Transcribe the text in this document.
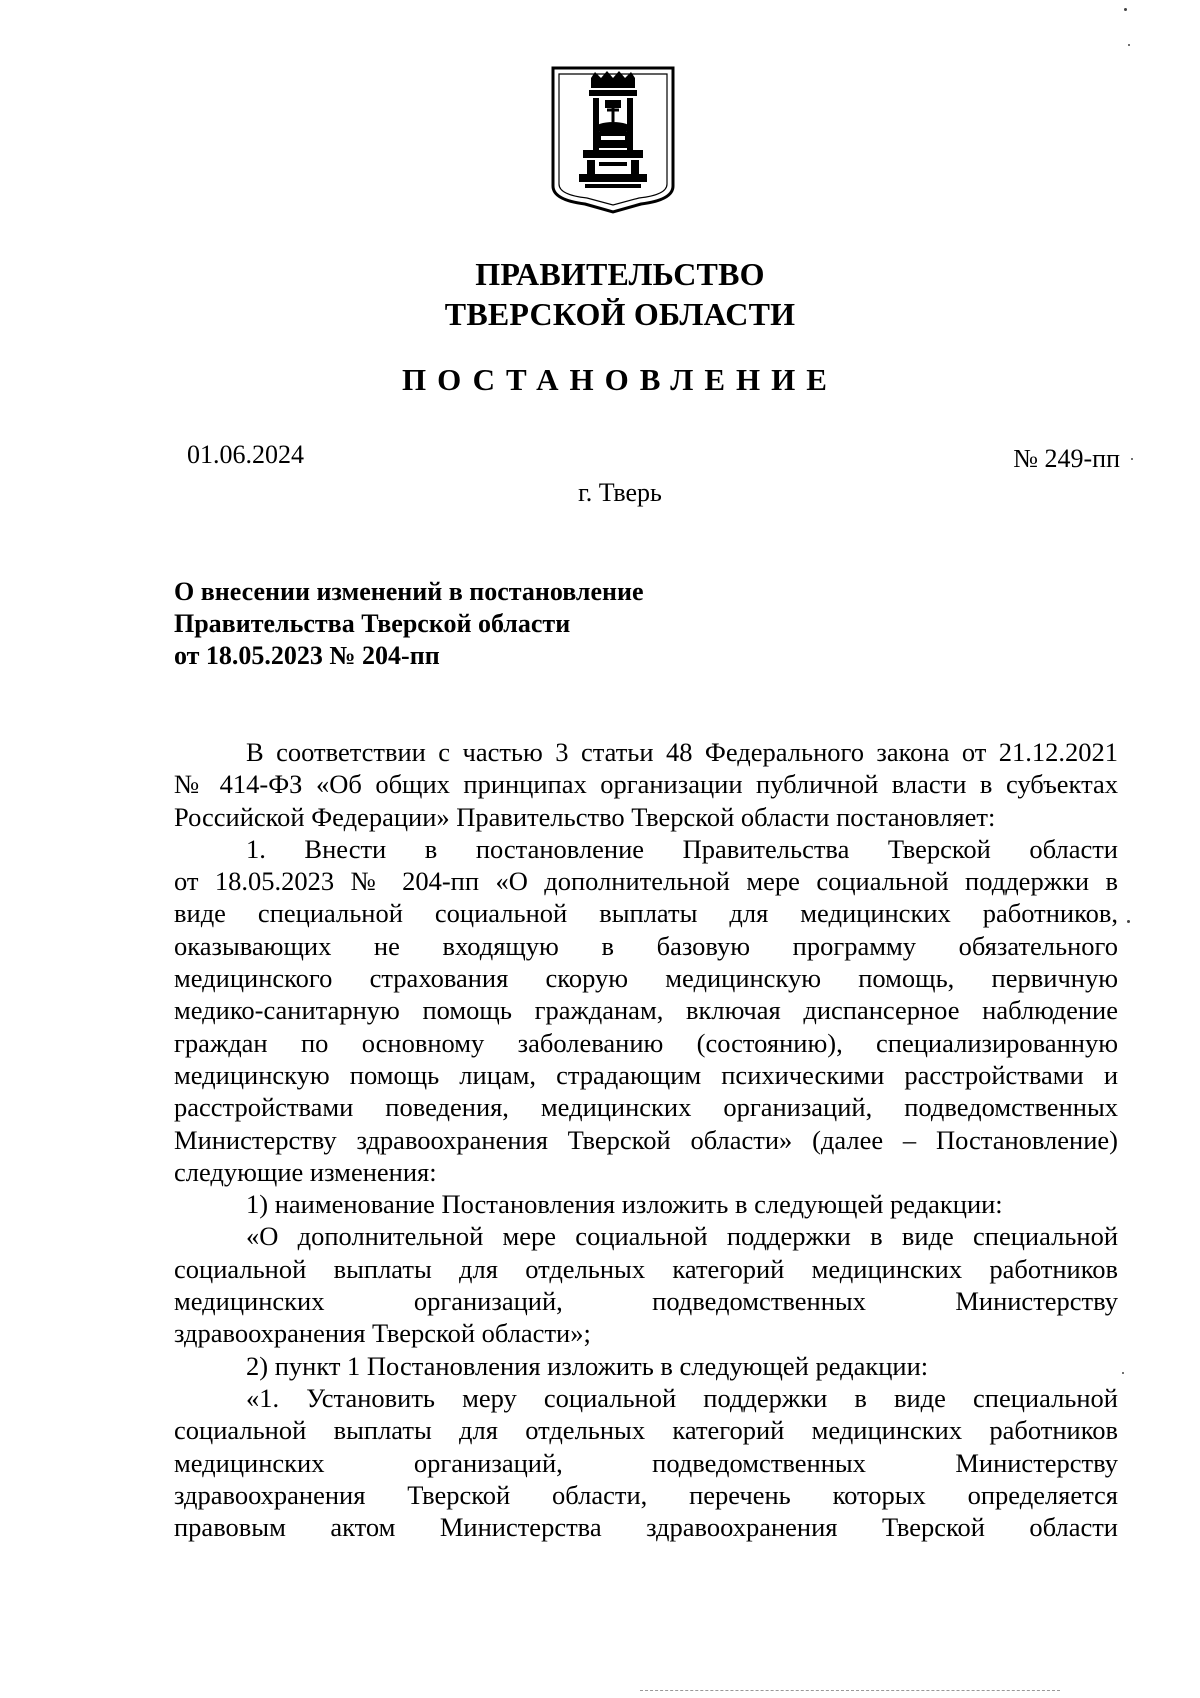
ПРАВИТЕЛЬСТВО
ТВЕРСКОЙ ОБЛАСТИ
ПОСТАНОВЛЕНИЕ
01.06.2024	№ 249-пп
г. Тверь
О внесении изменений в постановление
Правительства Тверской области
от 18.05.2023 № 204-пп
В соответствии с частью 3 статьи 48 Федерального закона от 21.12.2021
№ 414-ФЗ «Об общих принципах организации публичной власти в субъектах
Российской Федерации» Правительство Тверской области постановляет:
1. Внести в постановление Правительства Тверской области
от 18.05.2023 № 204-пп «О дополнительной мере социальной поддержки в
виде специальной социальной выплаты для медицинских работников,
оказывающих не входящую в базовую программу обязательного
медицинского страхования скорую медицинскую помощь, первичную
медико-санитарную помощь гражданам, включая диспансерное наблюдение
граждан по основному заболеванию (состоянию), специализированную
медицинскую помощь лицам, страдающим психическими расстройствами и
расстройствами поведения, медицинских организаций, подведомственных
Министерству здравоохранения Тверской области» (далее – Постановление)
следующие изменения:
1) наименование Постановления изложить в следующей редакции:
«О дополнительной мере социальной поддержки в виде специальной
социальной выплаты для отдельных категорий медицинских работников
медицинских организаций, подведомственных Министерству
здравоохранения Тверской области»;
2) пункт 1 Постановления изложить в следующей редакции:
«1. Установить меру социальной поддержки в виде специальной
социальной выплаты для отдельных категорий медицинских работников
медицинских организаций, подведомственных Министерству
здравоохранения Тверской области, перечень которых определяется
правовым актом Министерства здравоохранения Тверской области
